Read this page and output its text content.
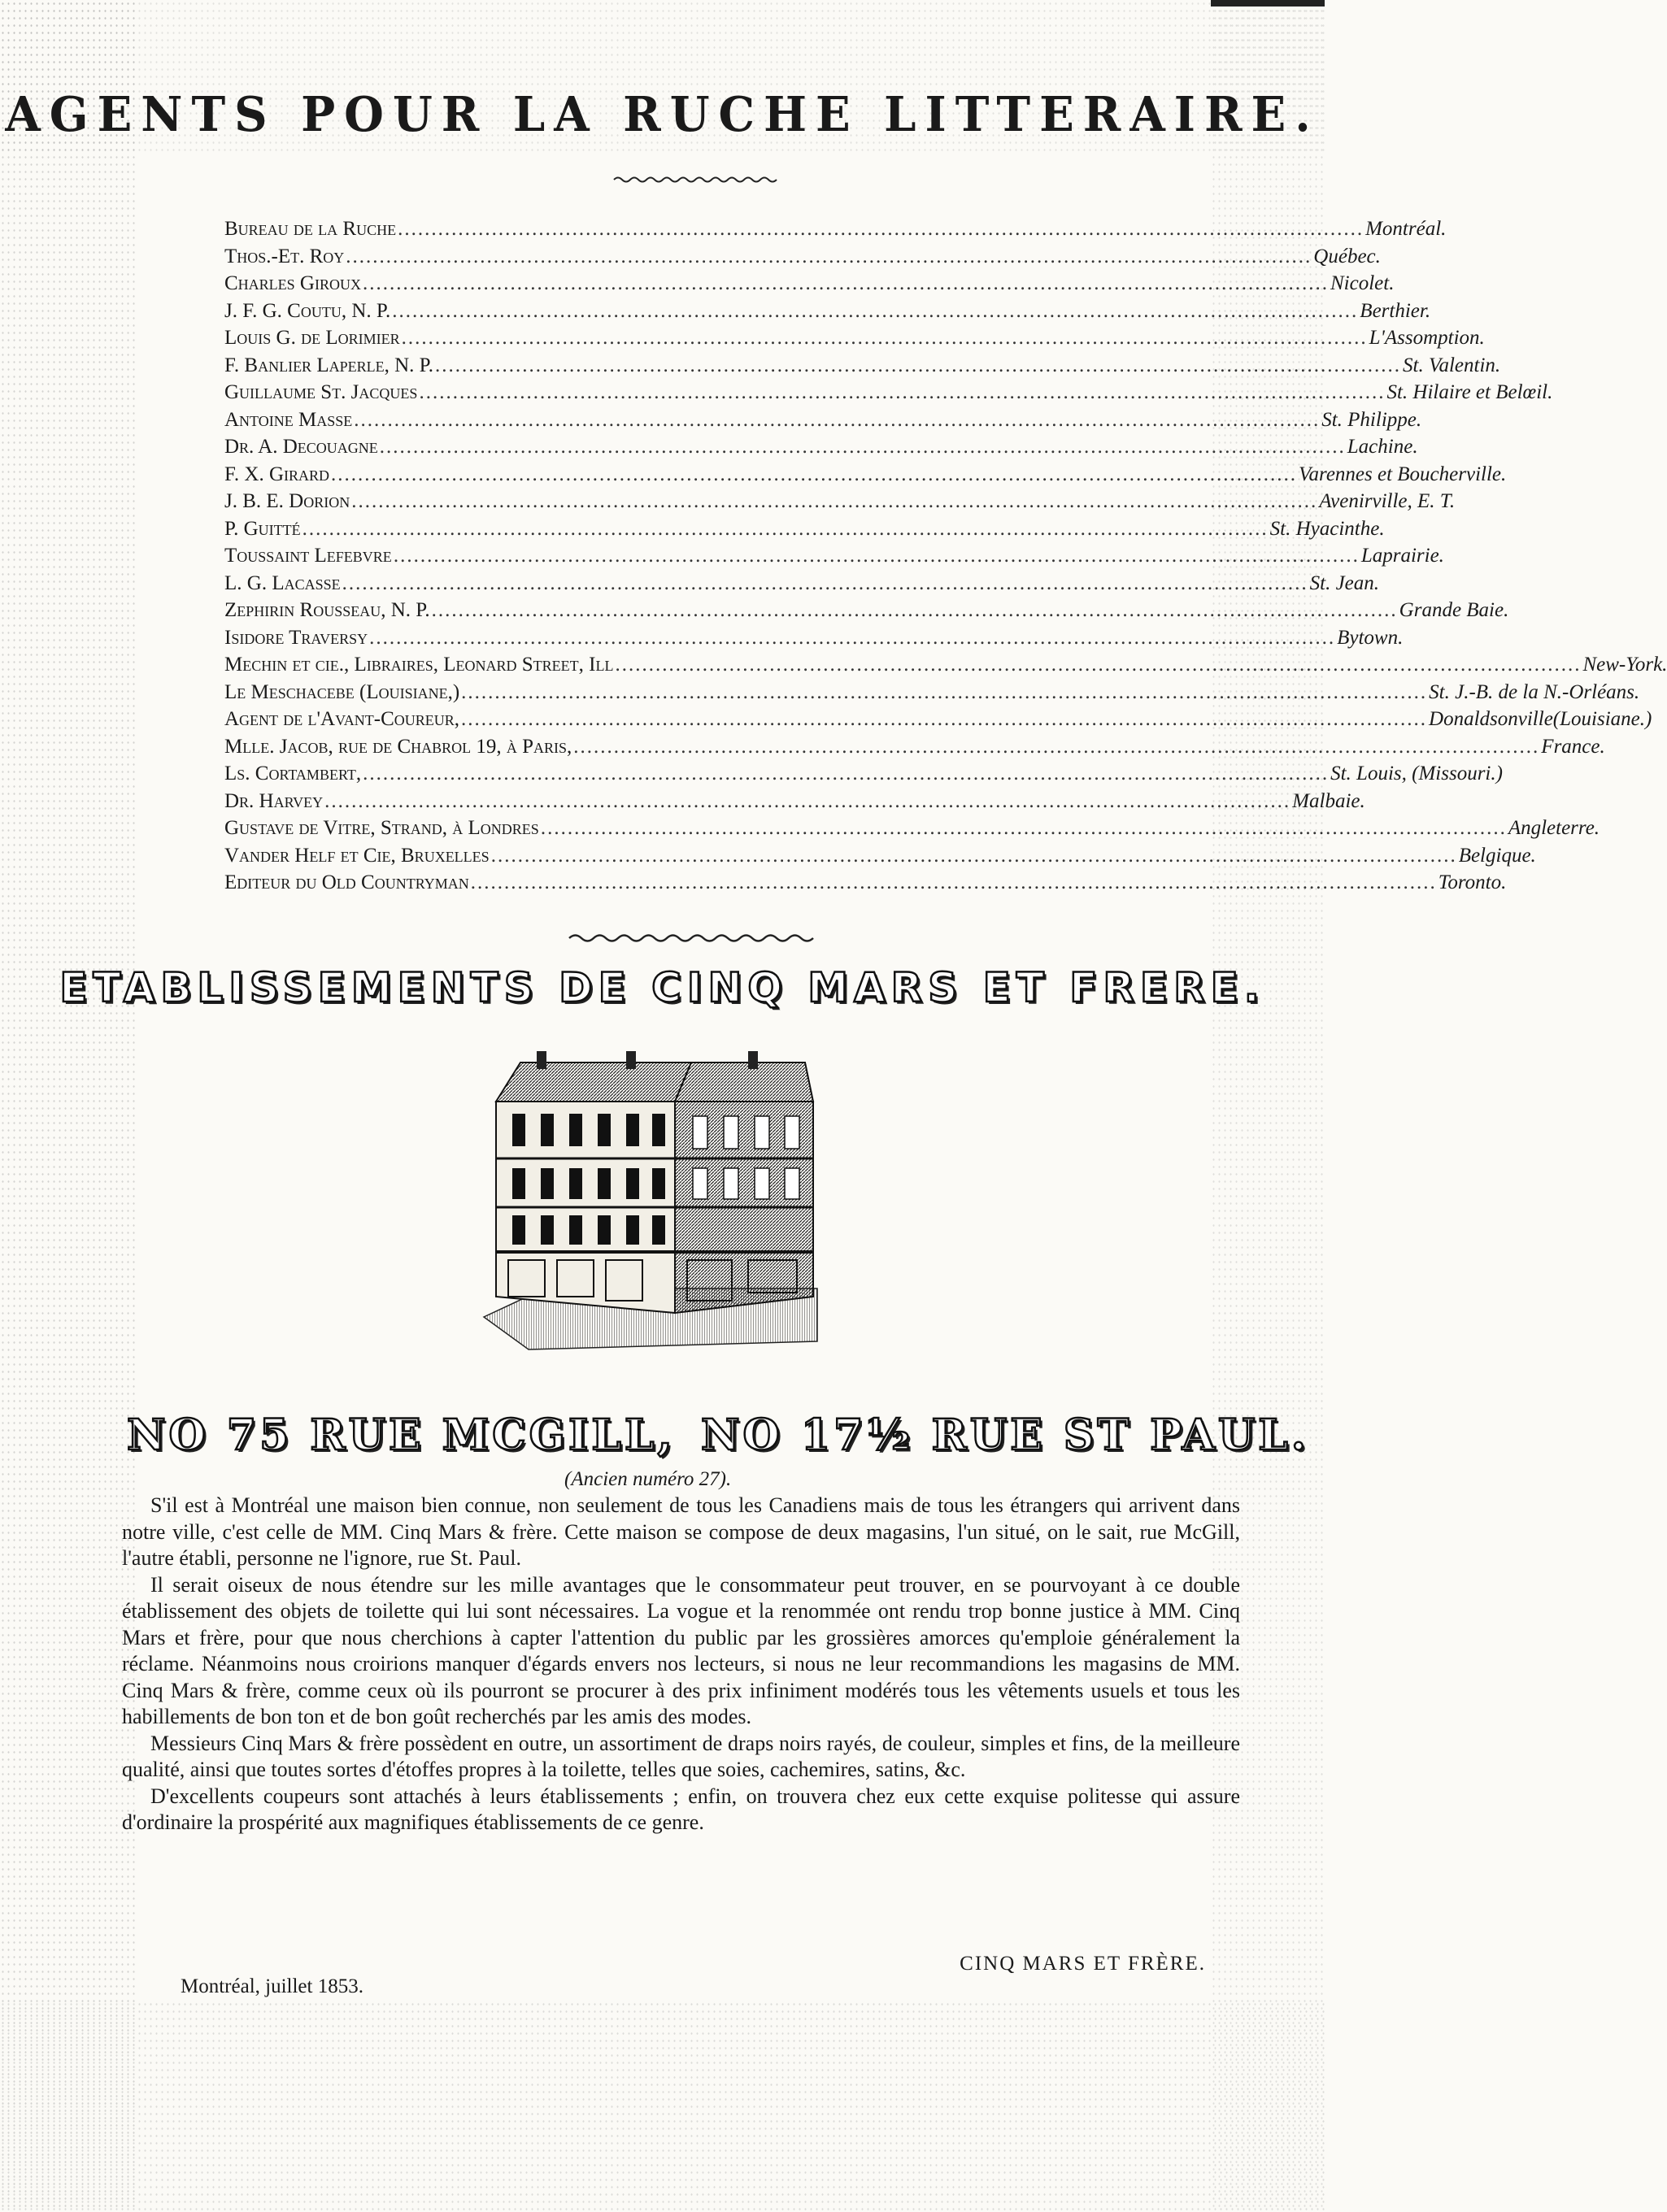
AGENTS POUR LA RUCHE LITTERAIRE.
Bureau de la Ruche ................................................................................................................................................ Montréal.
Thos.-Et. Roy ................................................................................................................................................ Québec.
Charles Giroux ................................................................................................................................................ Nicolet.
J. F. G. Coutu, N. P. ................................................................................................................................................ Berthier.
Louis G. de Lorimier ................................................................................................................................................ L'Assomption.
F. Banlier Laperle, N. P. ................................................................................................................................................ St. Valentin.
Guillaume St. Jacques ................................................................................................................................................ St. Hilaire et Belœil.
Antoine Masse ................................................................................................................................................ St. Philippe.
Dr. A. Decouagne ................................................................................................................................................ Lachine.
F. X. Girard ................................................................................................................................................ Varennes et Boucherville.
J. B. E. Dorion ................................................................................................................................................ Avenirville, E. T.
P. Guitté ................................................................................................................................................ St. Hyacinthe.
Toussaint Lefebvre ................................................................................................................................................ Laprairie.
L. G. Lacasse ................................................................................................................................................ St. Jean.
Zephirin Rousseau, N. P. ................................................................................................................................................ Grande Baie.
Isidore Traversy ................................................................................................................................................ Bytown.
Mechin et cie., Libraires, Leonard Street, Ill ................................................................................................................................................ New-York.
Le Meschacebe (Louisiane,) ................................................................................................................................................ St. J.-B. de la N.-Orléans.
Agent de l'Avant-Coureur, ................................................................................................................................................ Donaldsonville(Louisiane.)
Mlle. Jacob, rue de Chabrol 19, à Paris, ................................................................................................................................................ France.
Ls. Cortambert, ................................................................................................................................................ St. Louis, (Missouri.)
Dr. Harvey ................................................................................................................................................ Malbaie.
Gustave de Vitre, Strand, à Londres ................................................................................................................................................ Angleterre.
Vander Helf et Cie, Bruxelles ................................................................................................................................................ Belgique.
Editeur du Old Countryman ................................................................................................................................................ Toronto.
ETABLISSEMENTS DE CINQ MARS ET FRERE.
NO 75 RUE MCGILL, NO 17½ RUE ST PAUL.
(Ancien numéro 27).

S'il est à Montréal une maison bien connue, non seulement de tous les Canadiens mais de tous les étrangers qui arrivent dans notre ville, c'est celle de MM. Cinq Mars & frère. Cette maison se compose de deux magasins, l'un situé, on le sait, rue McGill, l'autre établi, personne ne l'ignore, rue St. Paul.

Il serait oiseux de nous étendre sur les mille avantages que le consommateur peut trouver, en se pourvoyant à ce double établissement des objets de toilette qui lui sont nécessaires. La vogue et la renommée ont rendu trop bonne justice à MM. Cinq Mars et frère, pour que nous cherchions à capter l'attention du public par les grossières amorces qu'emploie généralement la réclame. Néanmoins nous croirions manquer d'égards envers nos lecteurs, si nous ne leur recommandions les magasins de MM. Cinq Mars & frère, comme ceux où ils pourront se procurer à des prix infiniment modérés tous les vêtements usuels et tous les habillements de bon ton et de bon goût recherchés par les amis des modes.

Messieurs Cinq Mars & frère possèdent en outre, un assortiment de draps noirs rayés, de couleur, simples et fins, de la meilleure qualité, ainsi que toutes sortes d'étoffes propres à la toilette, telles que soies, cachemires, satins, &c.

D'excellents coupeurs sont attachés à leurs établissements ; enfin, on trouvera chez eux cette exquise politesse qui assure d'ordinaire la prospérité aux magnifiques établissements de ce genre.

CINQ MARS ET FRÈRE.
Montréal, juillet 1853.
